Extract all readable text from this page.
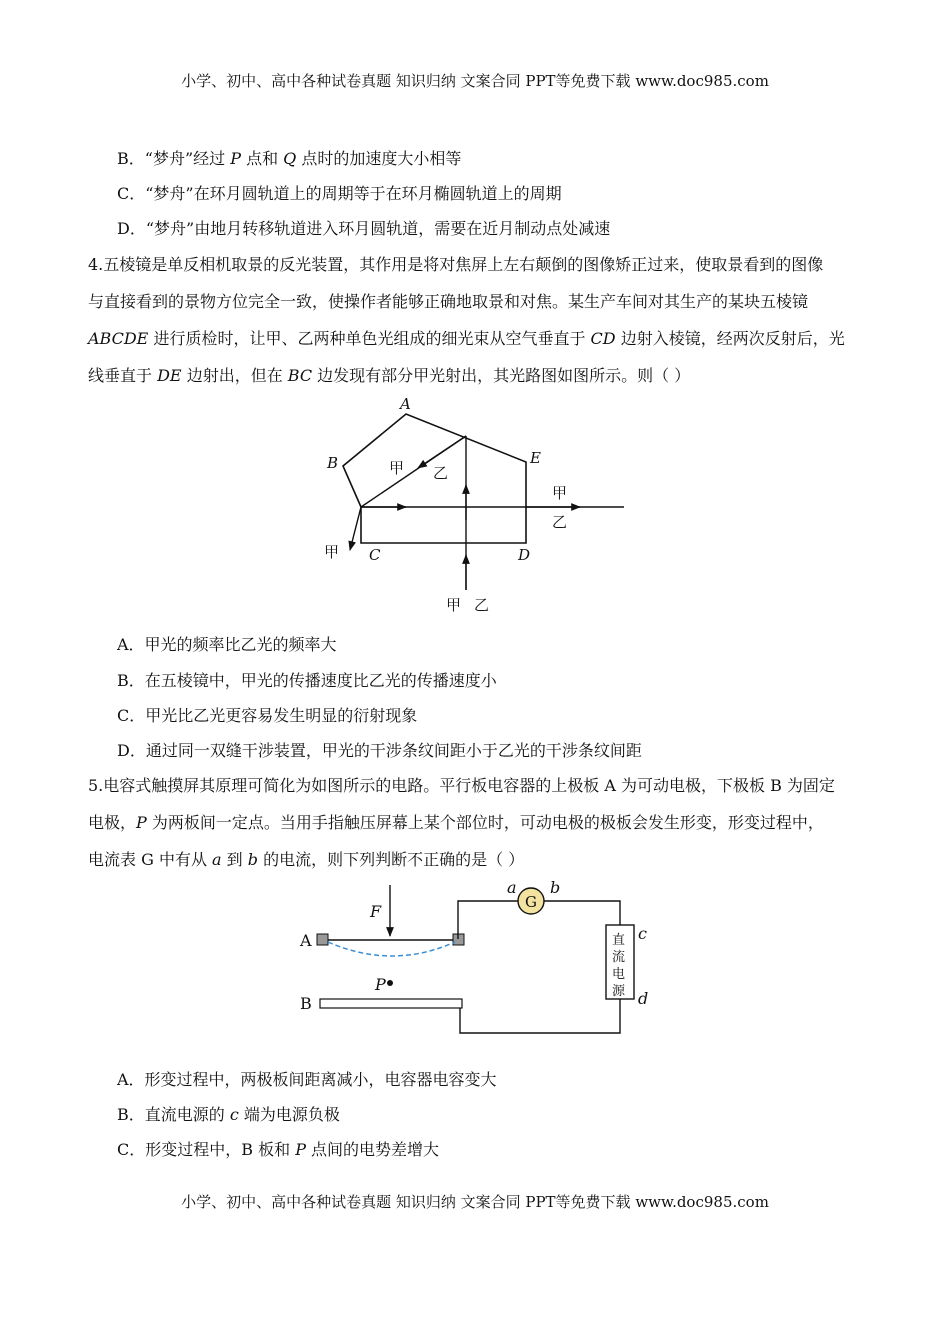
小学、初中、高中各种试卷真题 知识归纳 文案合同 PPT等免费下载 www.doc985.com
B．“梦舟”经过 P 点和 Q 点时的加速度大小相等
C．“梦舟”在环月圆轨道上的周期等于在环月椭圆轨道上的周期
D．“梦舟”由地月转移轨道进入环月圆轨道，需要在近月制动点处减速
4.五棱镜是单反相机取景的反光装置，其作用是将对焦屏上左右颠倒的图像矫正过来，使取景看到的图像
与直接看到的景物方位完全一致，使操作者能够正确地取景和对焦。某生产车间对其生产的某块五棱镜
ABCDE 进行质检时，让甲、乙两种单色光组成的细光束从空气垂直于 CD 边射入棱镜，经两次反射后，光
线垂直于 DE 边射出，但在 BC 边发现有部分甲光射出，其光路图如图所示。则（ ）
A
B
C	D
E
甲 乙
甲
乙
甲
甲 乙
A．甲光的频率比乙光的频率大
B．在五棱镜中，甲光的传播速度比乙光的传播速度小
C．甲光比乙光更容易发生明显的衍射现象
D．通过同一双缝干涉装置，甲光的干涉条纹间距小于乙光的干涉条纹间距
5.电容式触摸屏其原理可简化为如图所示的电路。平行板电容器的上极板 A 为可动电极，下极板 B 为固定
电极，P 为两板间一定点。当用手指触压屏幕上某个部位时，可动电极的极板会发生形变，形变过程中，
电流表 G 中有从 a 到 b 的电流，则下列判断不正确的是（ ）
F
A
B
P
G
a b
直
流
电
源
c
d
A．形变过程中，两极板间距离减小，电容器电容变大
B．直流电源的 c 端为电源负极
C．形变过程中，B 板和 P 点间的电势差增大
小学、初中、高中各种试卷真题 知识归纳 文案合同 PPT等免费下载 www.doc985.com
